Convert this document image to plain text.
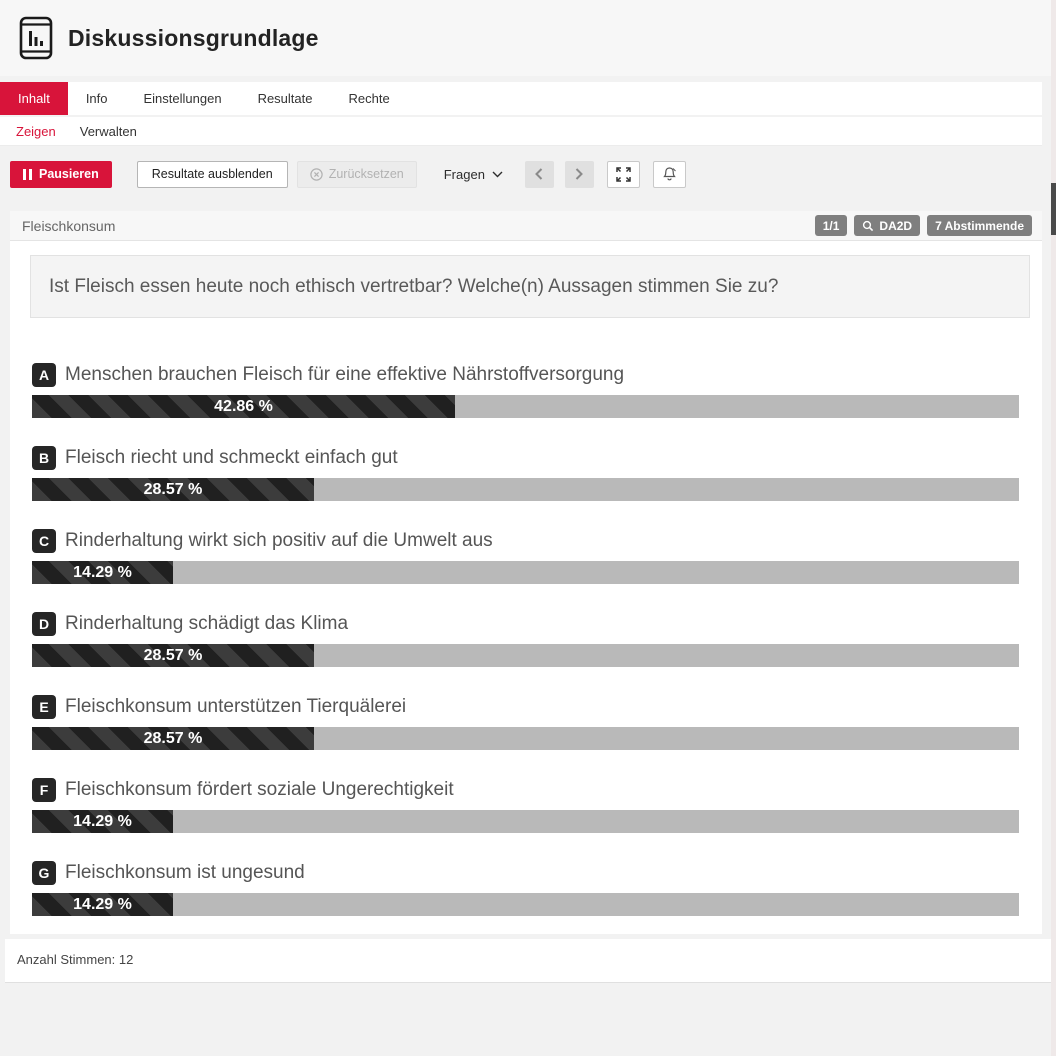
Diskussionsgrundlage
Inhalt	Info	Einstellungen	Resultate	Rechte
Zeigen Verwalten
Pausieren	Resultate ausblenden	Zurücksetzen	Fragen
Fleischkonsum	1/1	DA2D	7 Abstimmende
Ist Fleisch essen heute noch ethisch vertretbar? Welche(n) Aussagen stimmen Sie zu?
A Menschen brauchen Fleisch für eine effektive Nährstoffversorgung
42.86 %
B Fleisch riecht und schmeckt einfach gut
28.57 %
C Rinderhaltung wirkt sich positiv auf die Umwelt aus
14.29 %
D Rinderhaltung schädigt das Klima
28.57 %
E Fleischkonsum unterstützen Tierquälerei
28.57 %
F Fleischkonsum fördert soziale Ungerechtigkeit
14.29 %
G Fleischkonsum ist ungesund
14.29 %
Anzahl Stimmen: 12
